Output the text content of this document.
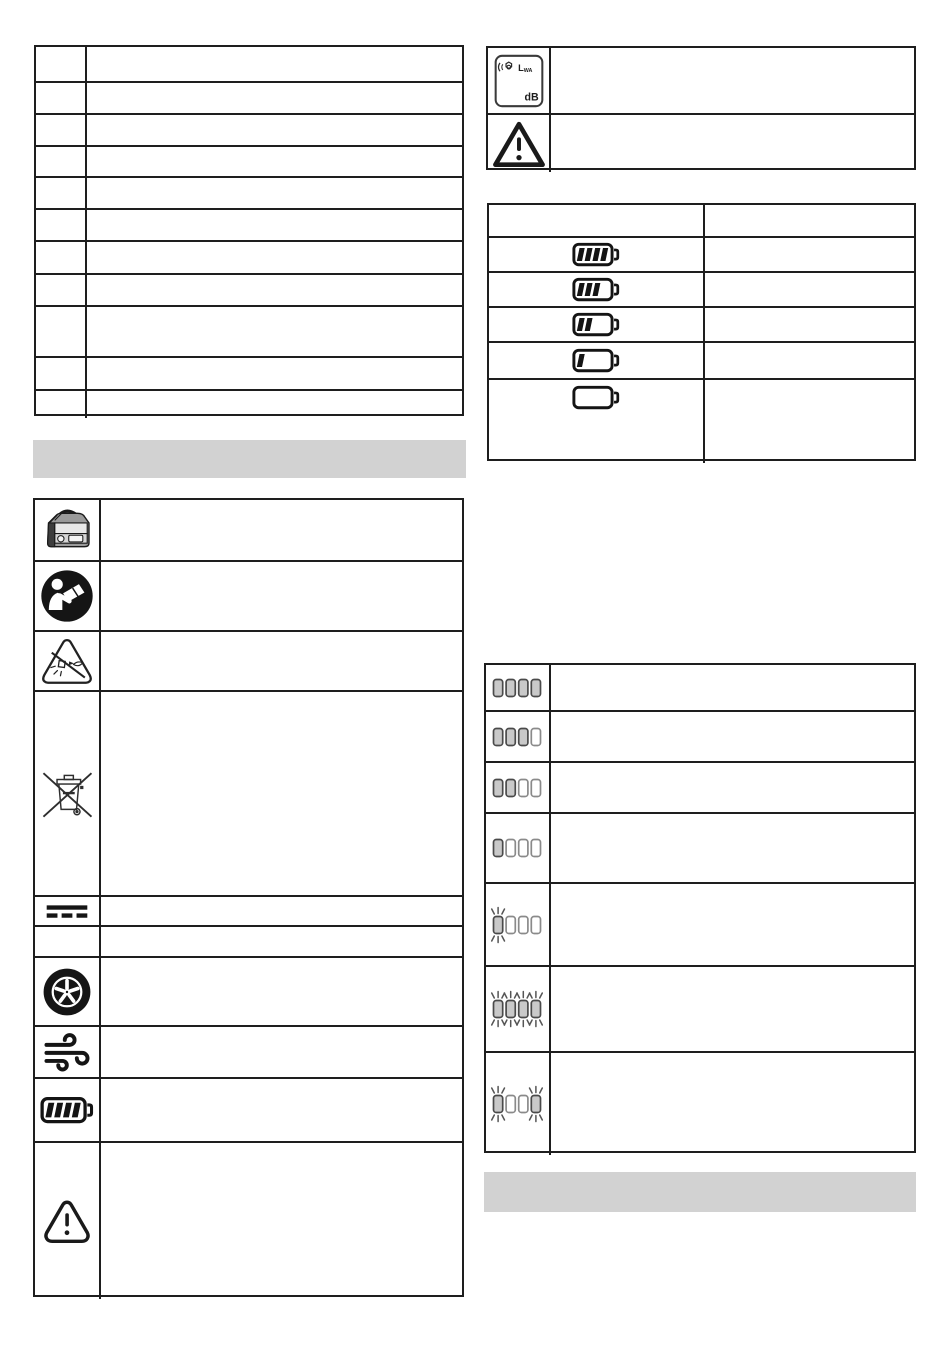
LWA
dB
